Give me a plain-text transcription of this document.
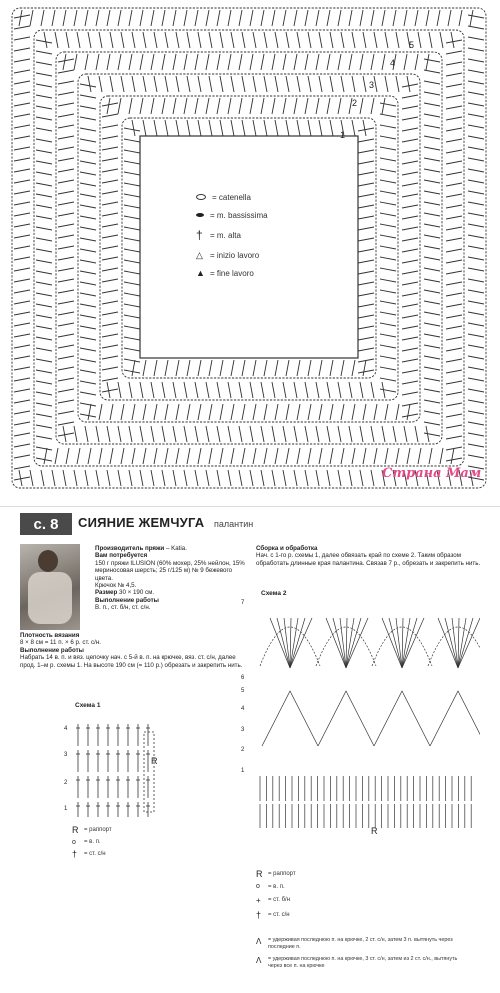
5
4
3
2
1
= catenella
= m. bassissima
† = m. alta
△ = inizio lavoro
▲ = fine lavoro
Страна Мам
с. 8	СИЯНИЕ ЖЕМЧУГА палантин
Производитель пряжи – Katia.
Вам потребуется
150 г пряжи ILUSION (60% мохер, 25% нейлон, 15% мериносовая шерсть; 25 г/125 м) № 9 бежевого цвета.
Крючок № 4,5.
Размер 30 × 190 см.
Выполнение работы
В. п., ст. б/н, ст. с/н.
Плотность вязания
8 × 8 см = 11 п. × 6 р. ст. с/н.
Выполнение работы
Набрать 14 в. п. и вяз. цепочку нач. с 5-й в. п. на крючке, вяз. ст. с/н, далее прод. 1–м р. схемы 1. На высоте 190 см (= 110 р.) обрезать и закрепить нить.
Сборка и обработка
Нач. с 1-го р. схемы 1, далее обвязать край по схеме 2. Таким образом обработать длинные края палантина. Связав 7 р., обрезать и закрепить нить.
Схема 1
4
3
2
1
R
R = раппорт
o	= в. п.
†	= ст. с/н
Схема 2
7
6
5
4
3
2
1
R
R = раппорт
o	= в. п.
+	= ст. б/н
†	= ст. с/н
Λ	= удерживая последнюю п. на крючке, 2 ст. с/н, затем 3 п. вытянуть через последние п.
Λ	= удерживая последнюю п. на крючке, 3 ст. с/н, затем из 2 ст. с/н., вытянуть через все п. на крючке
